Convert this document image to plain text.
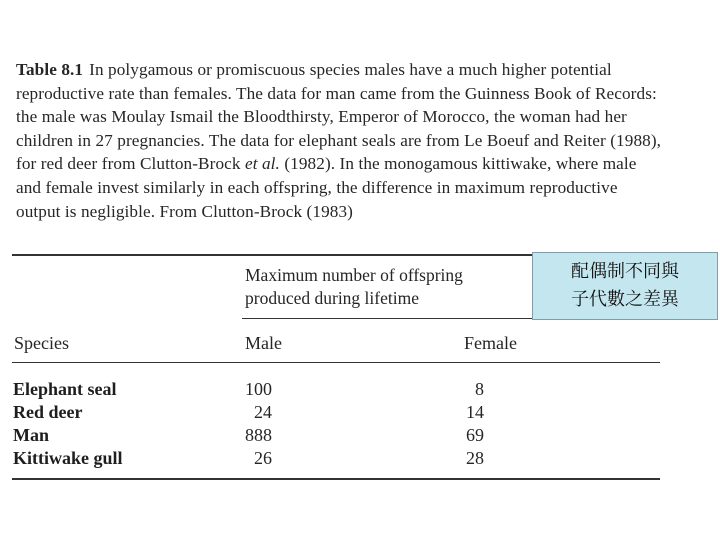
Table 8.1 In polygamous or promiscuous species males have a much higher potential reproductive rate than females. The data for man came from the Guinness Book of Records: the male was Moulay Ismail the Bloodthirsty, Emperor of Morocco, the woman had her children in 27 pregnancies. The data for elephant seals are from Le Boeuf and Reiter (1988), for red deer from Clutton-Brock et al. (1982). In the monogamous kittiwake, where male and female invest similarly in each offspring, the difference in maximum reproductive output is negligible. From Clutton-Brock (1983)
Maximum number of offspring produced during lifetime
Species	Male	Female
Elephant seal	100	8
Red deer	24	14
Man	888	69
Kittiwake gull	26	28
配偶制不同與
子代數之差異
